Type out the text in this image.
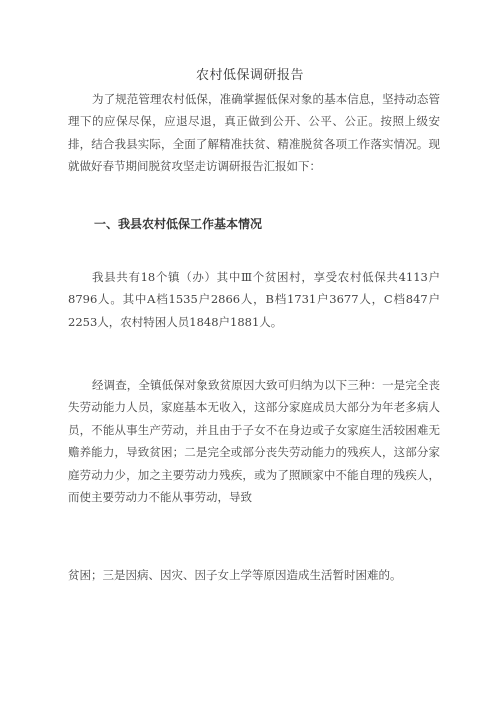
农村低保调研报告

为了规范管理农村低保，准确掌握低保对象的基本信息，坚持动态管理下的应保尽保，应退尽退，真正做到公开、公平、公正。按照上级安排，结合我县实际，全面了解精准扶贫、精准脱贫各项工作落实情况。现就做好春节期间脱贫攻坚走访调研报告汇报如下：

一、我县农村低保工作基本情况

我县共有18个镇（办）其中Ⅲ个贫困村，享受农村低保共4113户8796人。其中A档1535户2866人，B档1731户3677人，C档847户2253人，农村特困人员1848户1881人。

经调查，全镇低保对象致贫原因大致可归纳为以下三种：一是完全丧失劳动能力人员，家庭基本无收入，这部分家庭成员大部分为年老多病人员，不能从事生产劳动，并且由于子女不在身边或子女家庭生活较困难无赡养能力，导致贫困；二是完全或部分丧失劳动能力的残疾人，这部分家庭劳动力少，加之主要劳动力残疾，或为了照顾家中不能自理的残疾人，而使主要劳动力不能从事劳动，导致

贫困；三是因病、因灾、因子女上学等原因造成生活暂时困难的。
